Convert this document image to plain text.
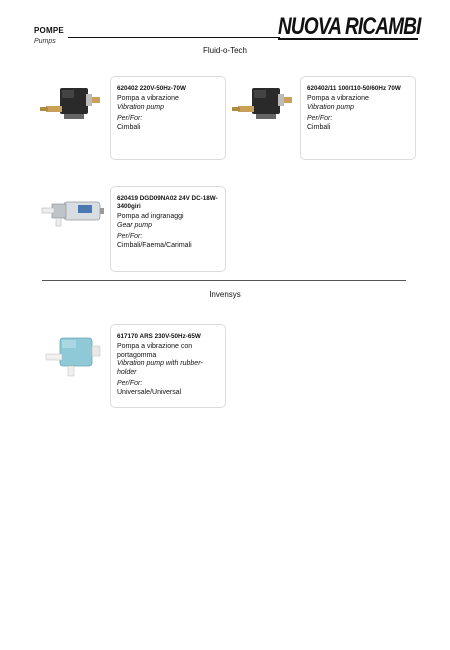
POMPE
Pumps
NUOVA RICAMBI
Fluid-o-Tech
620402 220V-50Hz-70W
Pompa a vibrazione
Vibration pump
Per/For:
Cimbali
620402/11 100/110-50/60Hz 70W
Pompa a vibrazione
Vibration pump
Per/For:
Cimbali
620419 DGD09NA02 24V DC-18W-3400giri
Pompa ad ingranaggi
Gear pump
Per/For:
Cimbali/Faema/Carimali
Invensys
617170 ARS 230V-50Hz-65W
Pompa a vibrazione con portagomma
Vibration pump with rubber-holder
Per/For:
Universale/Universal
